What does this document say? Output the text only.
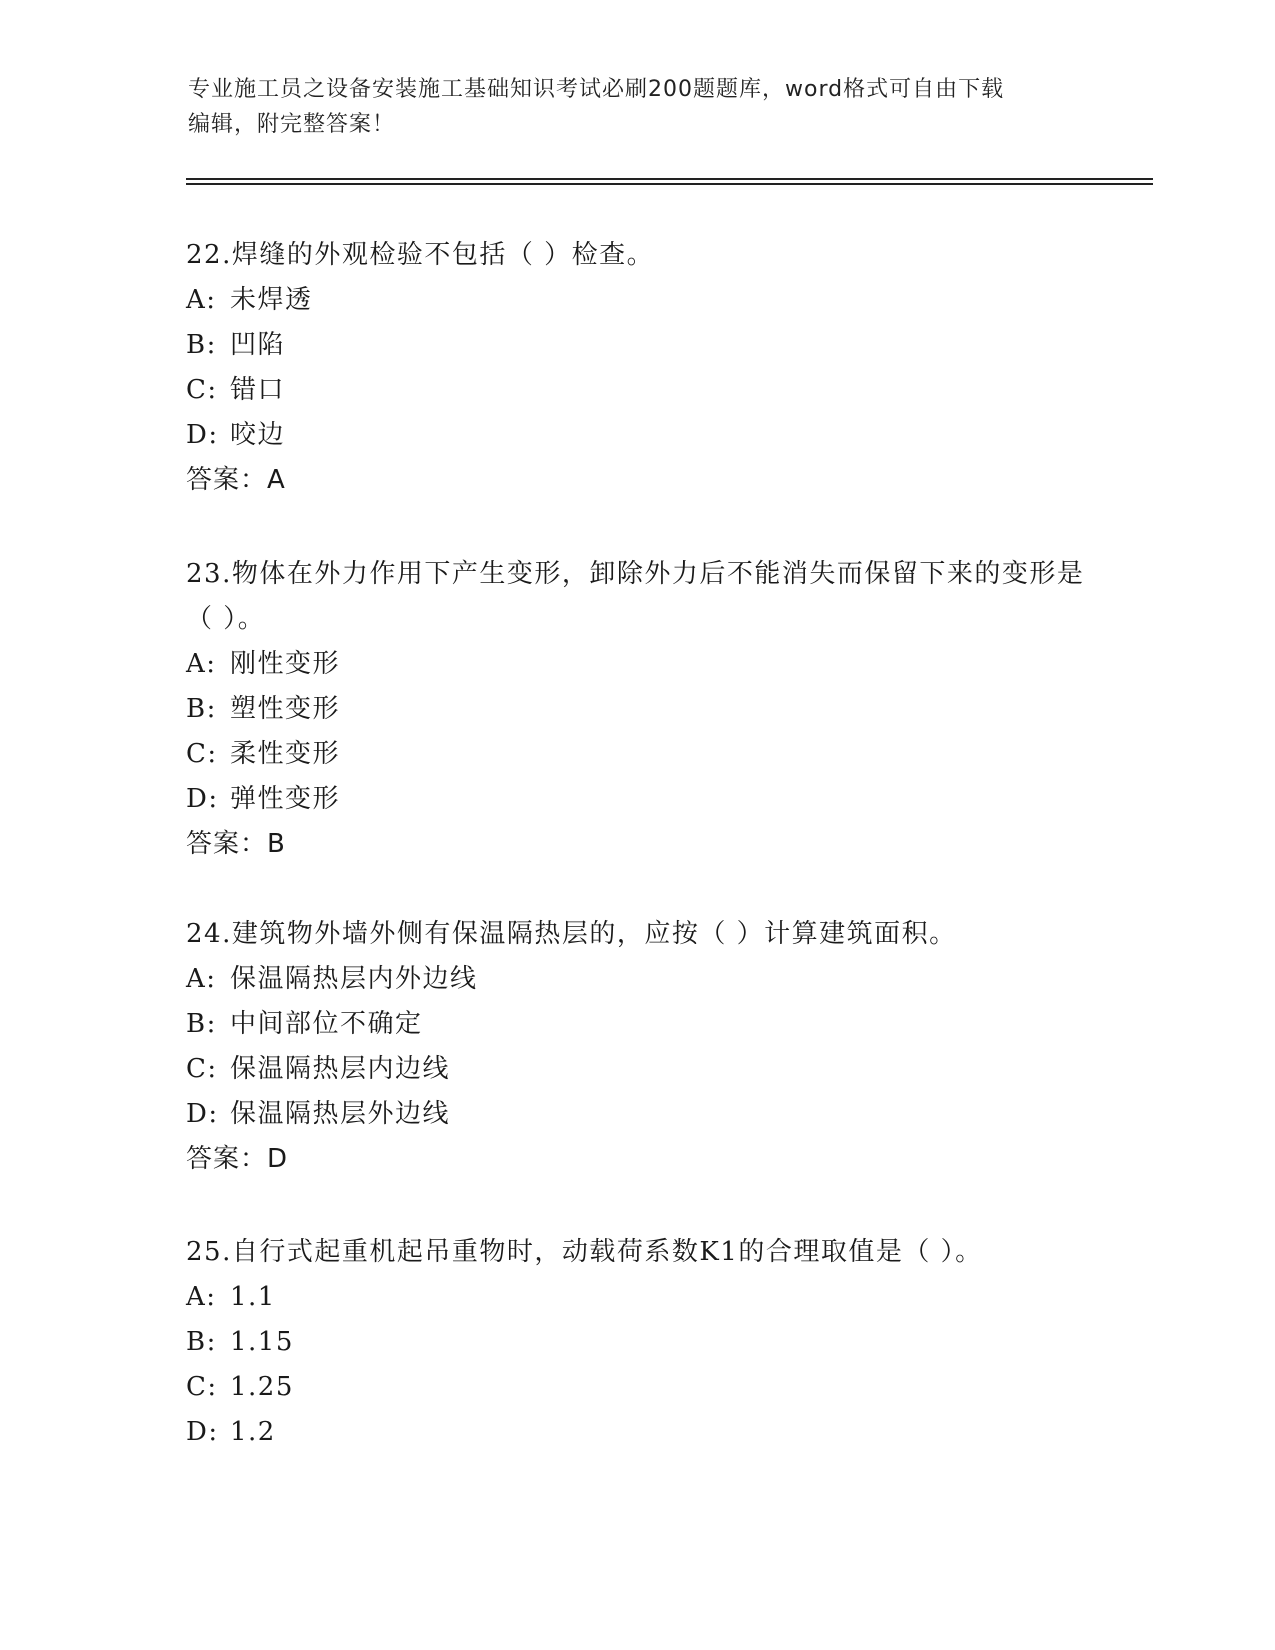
专业施工员之设备安装施工基础知识考试必刷200题题库，word格式可自由下载
编辑，附完整答案！

22.焊缝的外观检验不包括（ ）检查。

A: 未焊透

B: 凹陷

C: 错口

D: 咬边

答案：A

23.物体在外力作用下产生变形，卸除外力后不能消失而保留下来的变形是（ ）。

A: 刚性变形

B: 塑性变形

C: 柔性变形

D: 弹性变形

答案：B

24.建筑物外墙外侧有保温隔热层的，应按（ ）计算建筑面积。

A: 保温隔热层内外边线

B: 中间部位不确定

C: 保温隔热层内边线

D: 保温隔热层外边线

答案：D

25.自行式起重机起吊重物时，动载荷系数K1的合理取值是（ ）。

A: 1.1

B: 1.15

C: 1.25

D: 1.2
